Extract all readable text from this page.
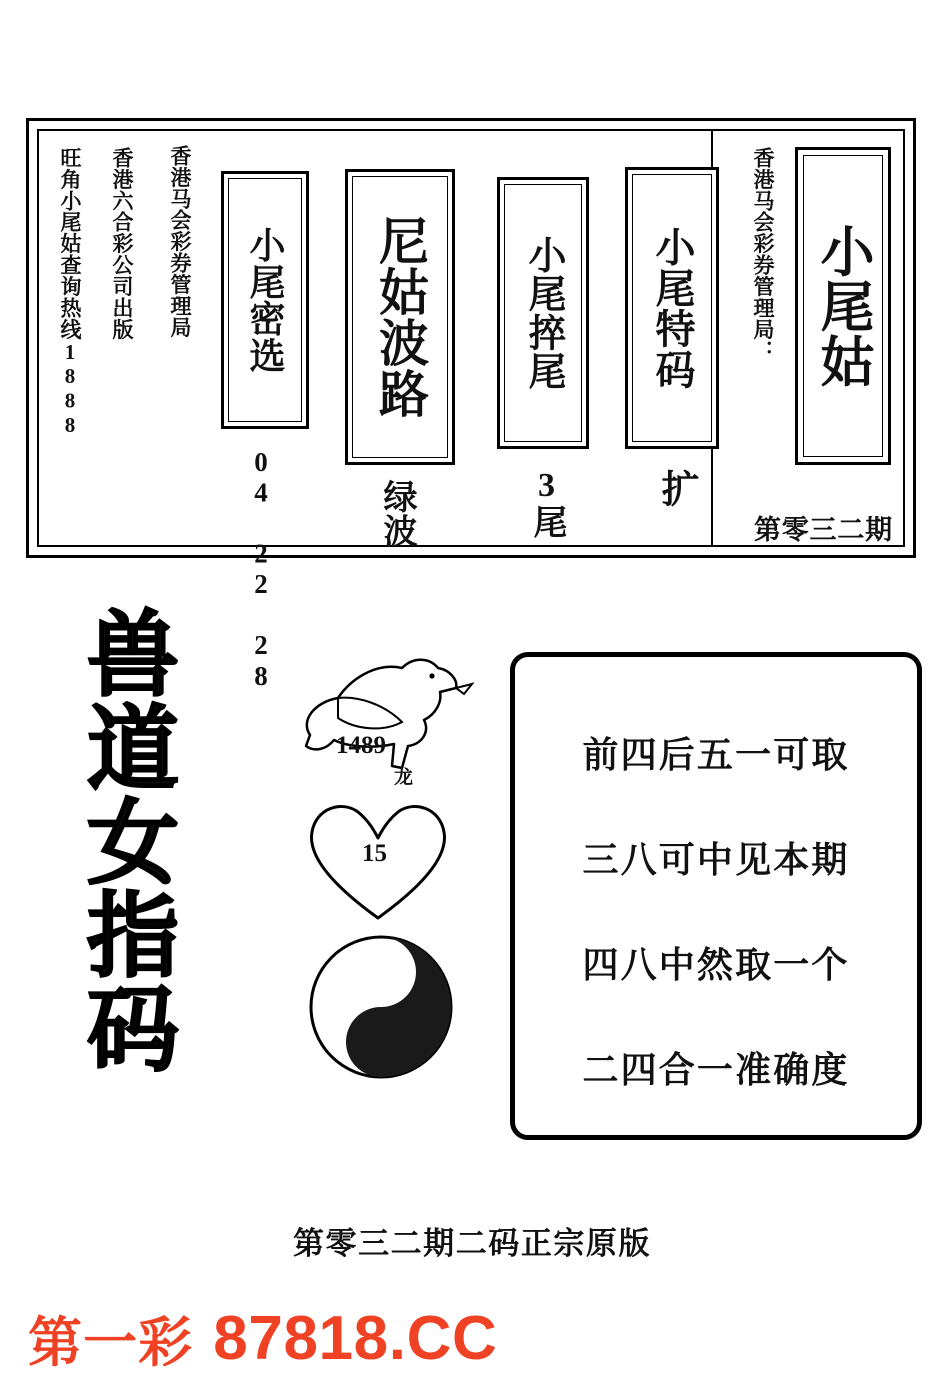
小尾姑
香港马会彩券管理局：
第零三二期
小尾特码
扩
小尾捽尾
3尾
尼姑波路
绿波
小尾密选
04 22 28
香港马会彩券管理局
香港六合彩公司出版
旺角小尾姑查询热线1888
兽
道
女
指
码
1489
龙
15
23
前四后五一可取
三八可中见本期
四八中然取一个
二四合一准确度
第零三二期二码正宗原版
第一彩 87818.CC
